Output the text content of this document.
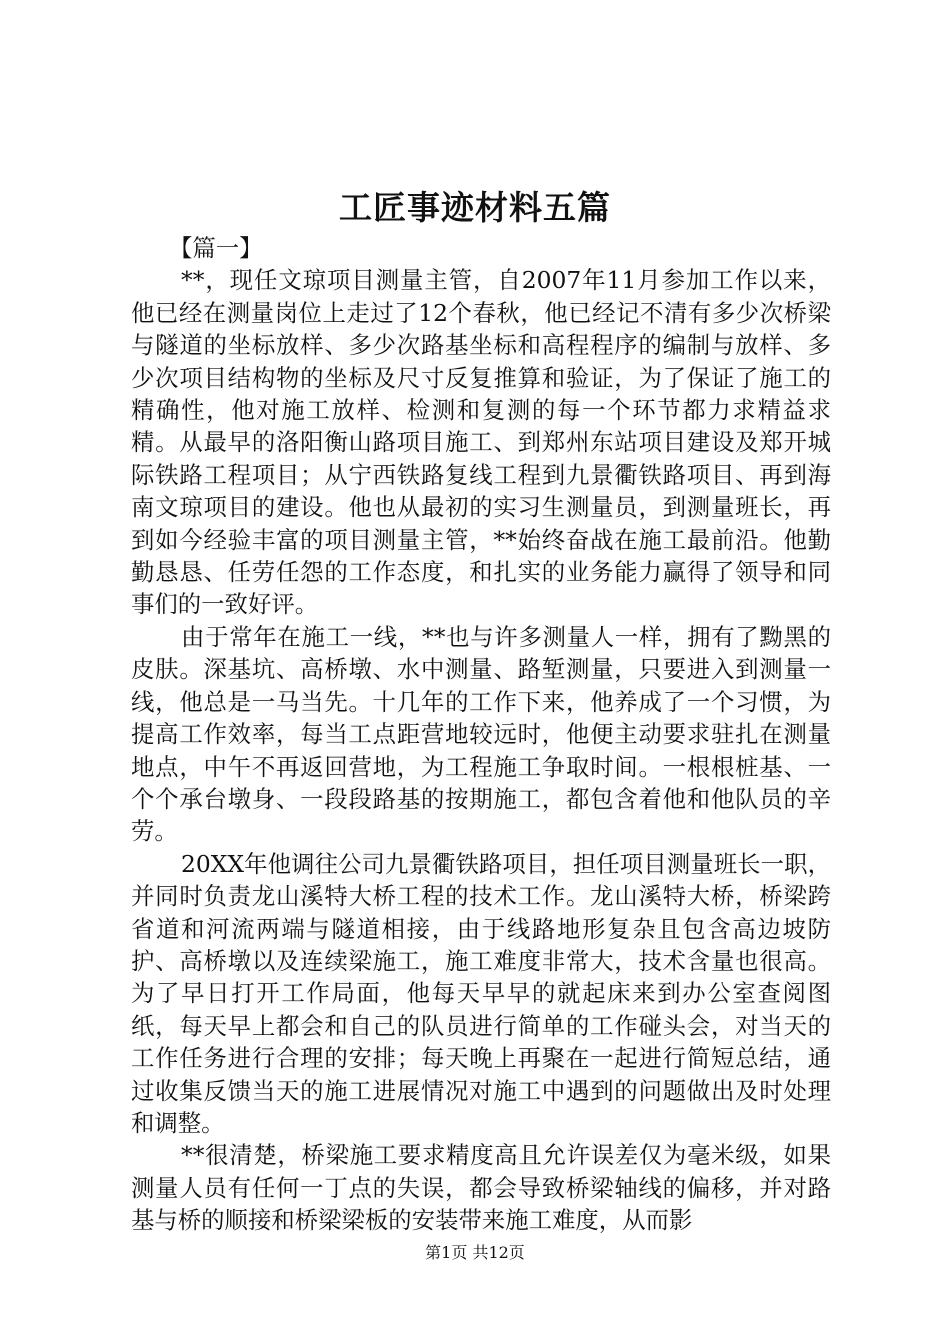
工匠事迹材料五篇

【篇一】

**，现任文琼项目测量主管，自2007年11月参加工作以来，他已经在测量岗位上走过了12个春秋，他已经记不清有多少次桥梁与隧道的坐标放样、多少次路基坐标和高程程序的编制与放样、多少次项目结构物的坐标及尺寸反复推算和验证，为了保证了施工的精确性，他对施工放样、检测和复测的每一个环节都力求精益求精。从最早的洛阳衡山路项目施工、到郑州东站项目建设及郑开城际铁路工程项目；从宁西铁路复线工程到九景衢铁路项目、再到海南文琼项目的建设。他也从最初的实习生测量员，到测量班长，再到如今经验丰富的项目测量主管，**始终奋战在施工最前沿。他勤勤恳恳、任劳任怨的工作态度，和扎实的业务能力赢得了领导和同事们的一致好评。

由于常年在施工一线，**也与许多测量人一样，拥有了黝黑的皮肤。深基坑、高桥墩、水中测量、路堑测量，只要进入到测量一线，他总是一马当先。十几年的工作下来，他养成了一个习惯，为提高工作效率，每当工点距营地较远时，他便主动要求驻扎在测量地点，中午不再返回营地，为工程施工争取时间。一根根桩基、一个个承台墩身、一段段路基的按期施工，都包含着他和他队员的辛劳。

20XX年他调往公司九景衢铁路项目，担任项目测量班长一职，并同时负责龙山溪特大桥工程的技术工作。龙山溪特大桥，桥梁跨省道和河流两端与隧道相接，由于线路地形复杂且包含高边坡防护、高桥墩以及连续梁施工，施工难度非常大，技术含量也很高。为了早日打开工作局面，他每天早早的就起床来到办公室查阅图纸，每天早上都会和自己的队员进行简单的工作碰头会，对当天的工作任务进行合理的安排；每天晚上再聚在一起进行简短总结，通过收集反馈当天的施工进展情况对施工中遇到的问题做出及时处理和调整。

**很清楚，桥梁施工要求精度高且允许误差仅为毫米级，如果测量人员有任何一丁点的失误，都会导致桥梁轴线的偏移，并对路基与桥的顺接和桥梁梁板的安装带来施工难度，从而影

第1页 共12页
